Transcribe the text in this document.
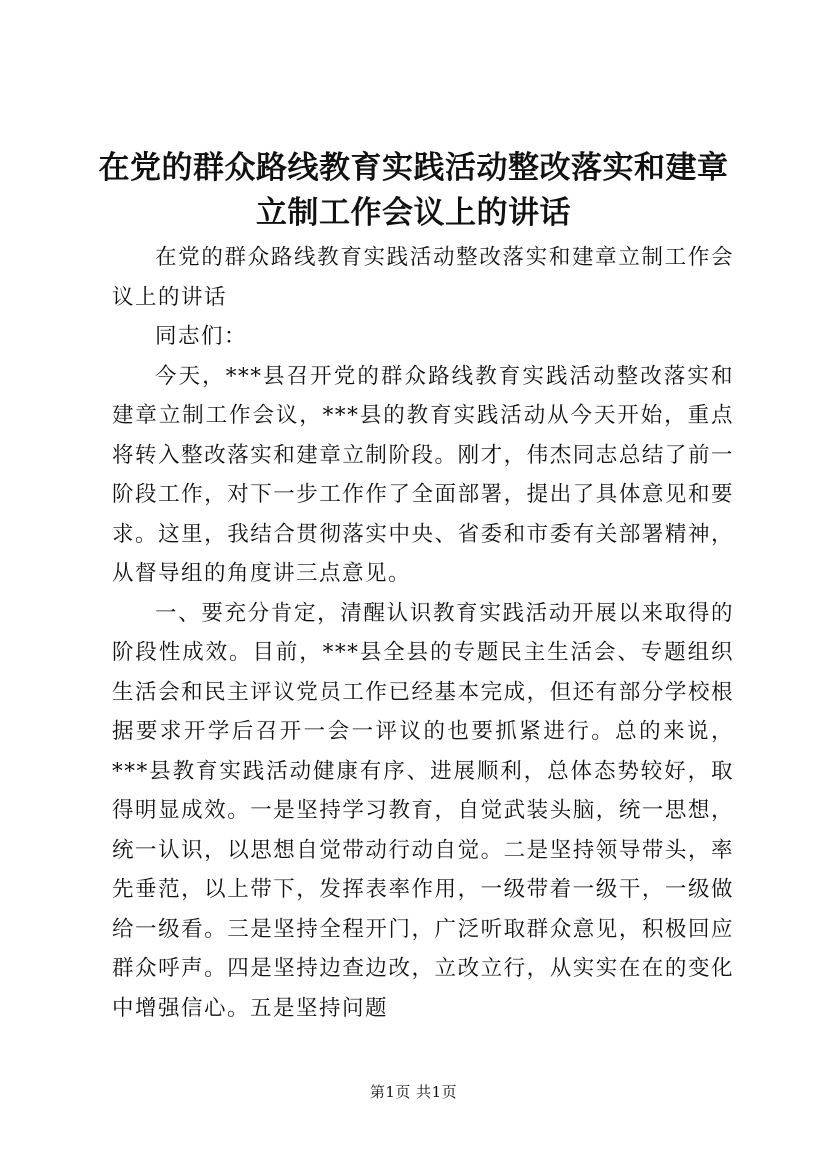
在党的群众路线教育实践活动整改落实和建章立制工作会议上的讲话

在党的群众路线教育实践活动整改落实和建章立制工作会议上的讲话

同志们：

今天，***县召开党的群众路线教育实践活动整改落实和建章立制工作会议，***县的教育实践活动从今天开始，重点将转入整改落实和建章立制阶段。刚才，伟杰同志总结了前一阶段工作，对下一步工作作了全面部署，提出了具体意见和要求。这里，我结合贯彻落实中央、省委和市委有关部署精神，从督导组的角度讲三点意见。

一、要充分肯定，清醒认识教育实践活动开展以来取得的阶段性成效。目前，***县全县的专题民主生活会、专题组织生活会和民主评议党员工作已经基本完成，但还有部分学校根据要求开学后召开一会一评议的也要抓紧进行。总的来说，***县教育实践活动健康有序、进展顺利，总体态势较好，取得明显成效。一是坚持学习教育，自觉武装头脑，统一思想，统一认识，以思想自觉带动行动自觉。二是坚持领导带头，率先垂范，以上带下，发挥表率作用，一级带着一级干，一级做给一级看。三是坚持全程开门，广泛听取群众意见，积极回应群众呼声。四是坚持边查边改，立改立行，从实实在在的变化中增强信心。五是坚持问题

第1页 共1页
